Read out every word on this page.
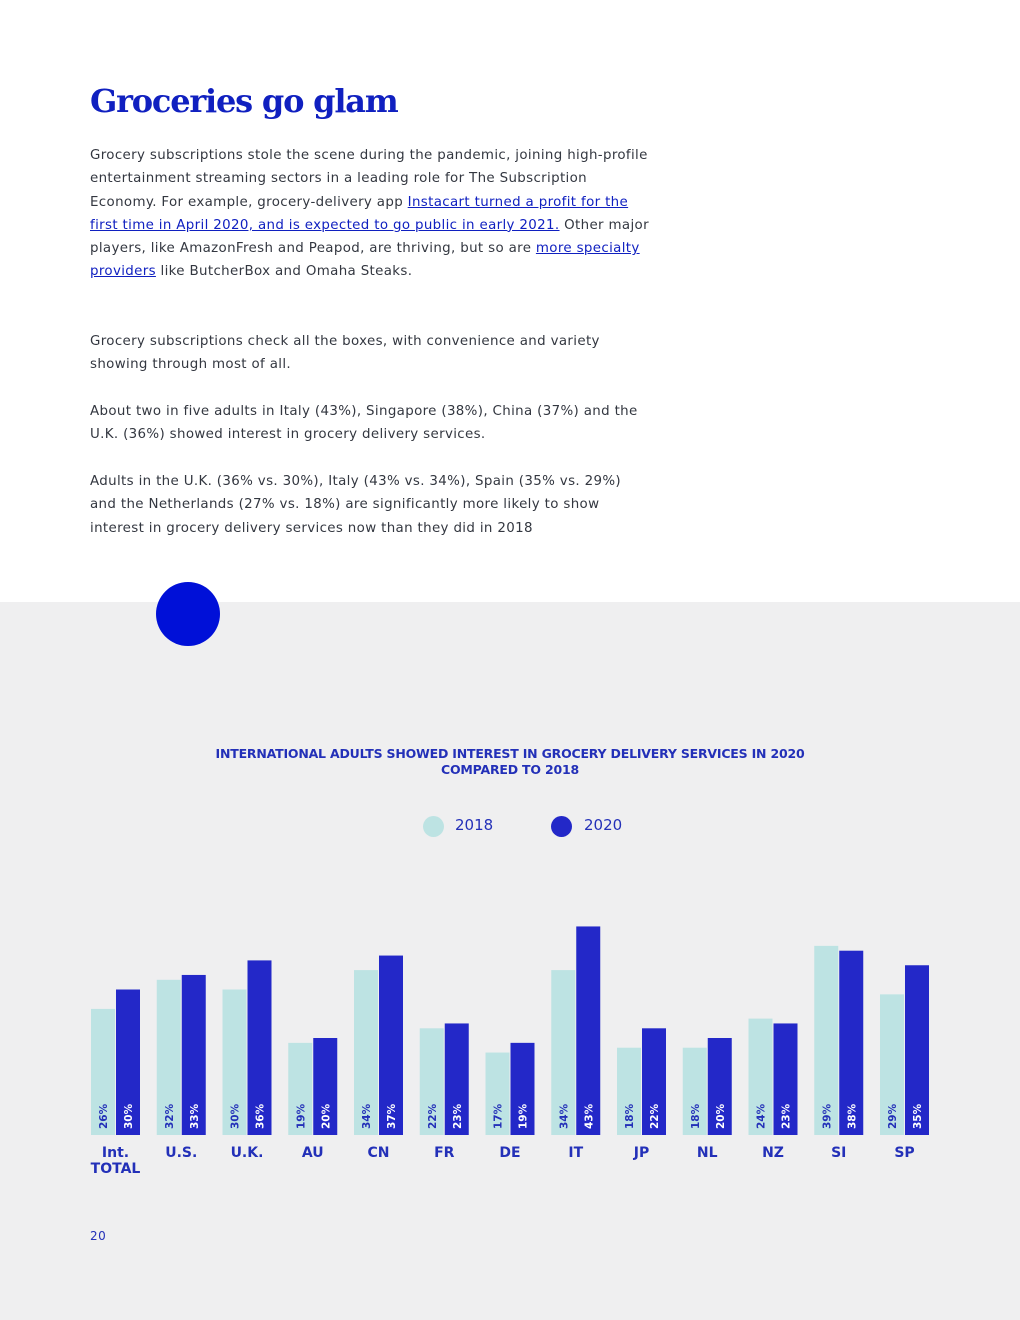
Groceries go glam

Grocery subscriptions stole the scene during the pandemic, joining high-profile entertainment streaming sectors in a leading role for The Subscription Economy. For example, grocery-delivery app Instacart turned a profit for the first time in April 2020, and is expected to go public in early 2021. Other major players, like AmazonFresh and Peapod, are thriving, but so are more specialty providers like ButcherBox and Omaha Steaks.

Grocery subscriptions check all the boxes, with convenience and variety showing through most of all.

About two in five adults in Italy (43%), Singapore (38%), China (37%) and the U.K. (36%) showed interest in grocery delivery services.

Adults in the U.K. (36% vs. 30%), Italy (43% vs. 34%), Spain (35% vs. 29%) and the Netherlands (27% vs. 18%) are significantly more likely to show interest in grocery delivery services now than they did in 2018

INTERNATIONAL ADULTS SHOWED INTEREST IN GROCERY DELIVERY SERVICES IN 2020 COMPARED TO 2018
2018	2020
26% 30%
Int.
TOTAL
32% 33%
U.S.
30% 36%
U.K.
19% 20%
AU
34% 37%
CN
22% 23%
FR
17% 19%
DE
34% 43%
IT
18% 22%
JP
18% 20%
NL
24% 23%
NZ
39% 38%
SI
29% 35%
SP
20
